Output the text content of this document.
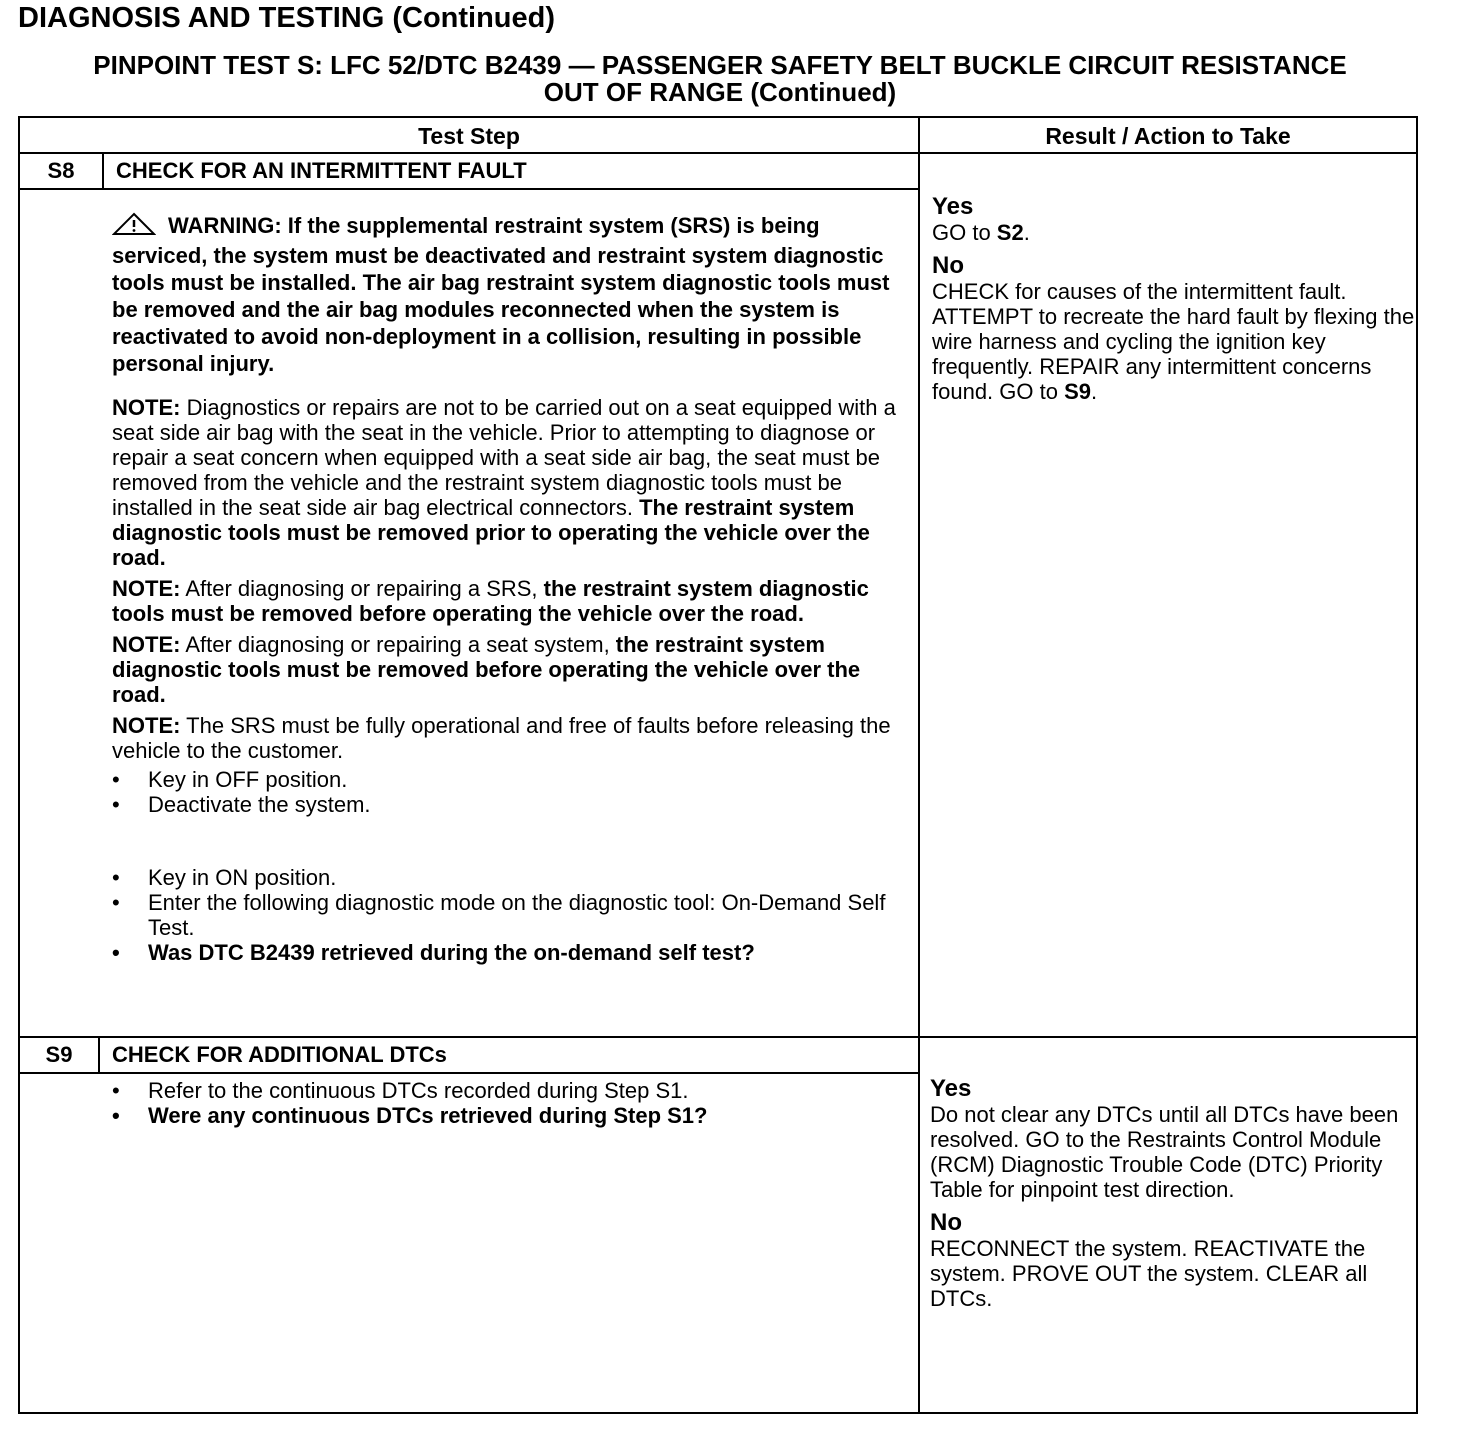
DIAGNOSIS AND TESTING (Continued)
PINPOINT TEST S: LFC 52/DTC B2439 — PASSENGER SAFETY BELT BUCKLE CIRCUIT RESISTANCE
OUT OF RANGE (Continued)
Test Step	Result / Action to Take
S8	CHECK FOR AN INTERMITTENT FAULT

WARNING: If the supplemental restraint system (SRS) is being serviced, the system must be deactivated and restraint system diagnostic tools must be installed. The air bag restraint system diagnostic tools must be removed and the air bag modules reconnected when the system is reactivated to avoid non-deployment in a collision, resulting in possible personal injury.

NOTE: Diagnostics or repairs are not to be carried out on a seat equipped with a seat side air bag with the seat in the vehicle. Prior to attempting to diagnose or repair a seat concern when equipped with a seat side air bag, the seat must be removed from the vehicle and the restraint system diagnostic tools must be installed in the seat side air bag electrical connectors. The restraint system diagnostic tools must be removed prior to operating the vehicle over the road.

NOTE: After diagnosing or repairing a SRS, the restraint system diagnostic tools must be removed before operating the vehicle over the road.

NOTE: After diagnosing or repairing a seat system, the restraint system diagnostic tools must be removed before operating the vehicle over the road.

NOTE: The SRS must be fully operational and free of faults before releasing the vehicle to the customer.

• Key in OFF position.

• Deactivate the system.

• Key in ON position.

• Enter the following diagnostic mode on the diagnostic tool: On-Demand Self Test.

• Was DTC B2439 retrieved during the on-demand self test?

Yes
GO to S2.
No
CHECK for causes of the intermittent fault. ATTEMPT to recreate the hard fault by flexing the wire harness and cycling the ignition key frequently. REPAIR any intermittent concerns found. GO to S9.
S9	CHECK FOR ADDITIONAL DTCs

• Refer to the continuous DTCs recorded during Step S1.

• Were any continuous DTCs retrieved during Step S1?

Yes
Do not clear any DTCs until all DTCs have been resolved. GO to the Restraints Control Module (RCM) Diagnostic Trouble Code (DTC) Priority Table for pinpoint test direction.
No
RECONNECT the system. REACTIVATE the system. PROVE OUT the system. CLEAR all DTCs.
